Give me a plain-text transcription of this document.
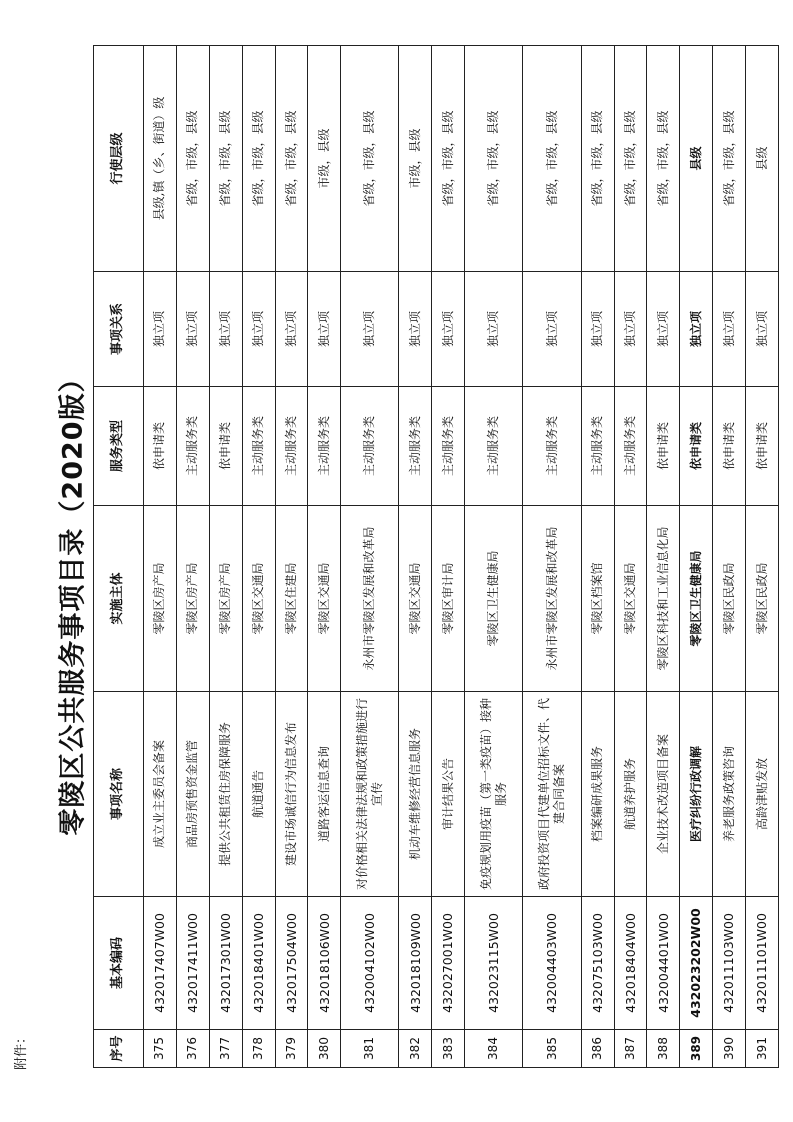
附件：
零陵区公共服务事项目录（2020版）
序号	基本编码	事项名称	实施主体	服务类型	事项关系	行使层级
375	432017407W00	成立业主委员会备案	零陵区房产局	依申请类	独立项	县级,镇（乡、街道）级
376	432017411W00	商品房预售资金监管	零陵区房产局	主动服务类	独立项	省级，市级，县级
377	432017301W00	提供公共租赁住房保障服务	零陵区房产局	依申请类	独立项	省级，市级，县级
378	432018401W00	航道通告	零陵区交通局	主动服务类	独立项	省级，市级，县级
379	432017504W00	建设市场诚信行为信息发布	零陵区住建局	主动服务类	独立项	省级，市级，县级
380	432018106W00	道路客运信息查询	零陵区交通局	主动服务类	独立项	市级，县级
381	432004102W00	对价格相关法律法规和政策措施进行宣传	永州市零陵区发展和改革局	主动服务类	独立项	省级，市级，县级
382	432018109W00	机动车维修经营信息服务	零陵区交通局	主动服务类	独立项	市级，县级
383	432027001W00	审计结果公告	零陵区审计局	主动服务类	独立项	省级，市级，县级
384	432023115W00	免疫规划用疫苗（第一类疫苗）接种服务	零陵区卫生健康局	主动服务类	独立项	省级，市级，县级
385	432004403W00	政府投资项目代建单位招标文件、代建合同备案	永州市零陵区发展和改革局	主动服务类	独立项	省级，市级，县级
386	432075103W00	档案编研成果服务	零陵区档案馆	主动服务类	独立项	省级，市级，县级
387	432018404W00	航道养护服务	零陵区交通局	主动服务类	独立项	省级，市级，县级
388	432004401W00	企业技术改造项目备案	零陵区科技和工业信息化局	依申请类	独立项	省级，市级，县级
389	432023202W00	医疗纠纷行政调解	零陵区卫生健康局	依申请类	独立项	县级
390	432011103W00	养老服务政策咨询	零陵区民政局	依申请类	独立项	省级，市级，县级
391	432011101W00	高龄津贴发放	零陵区民政局	依申请类	独立项	县级
